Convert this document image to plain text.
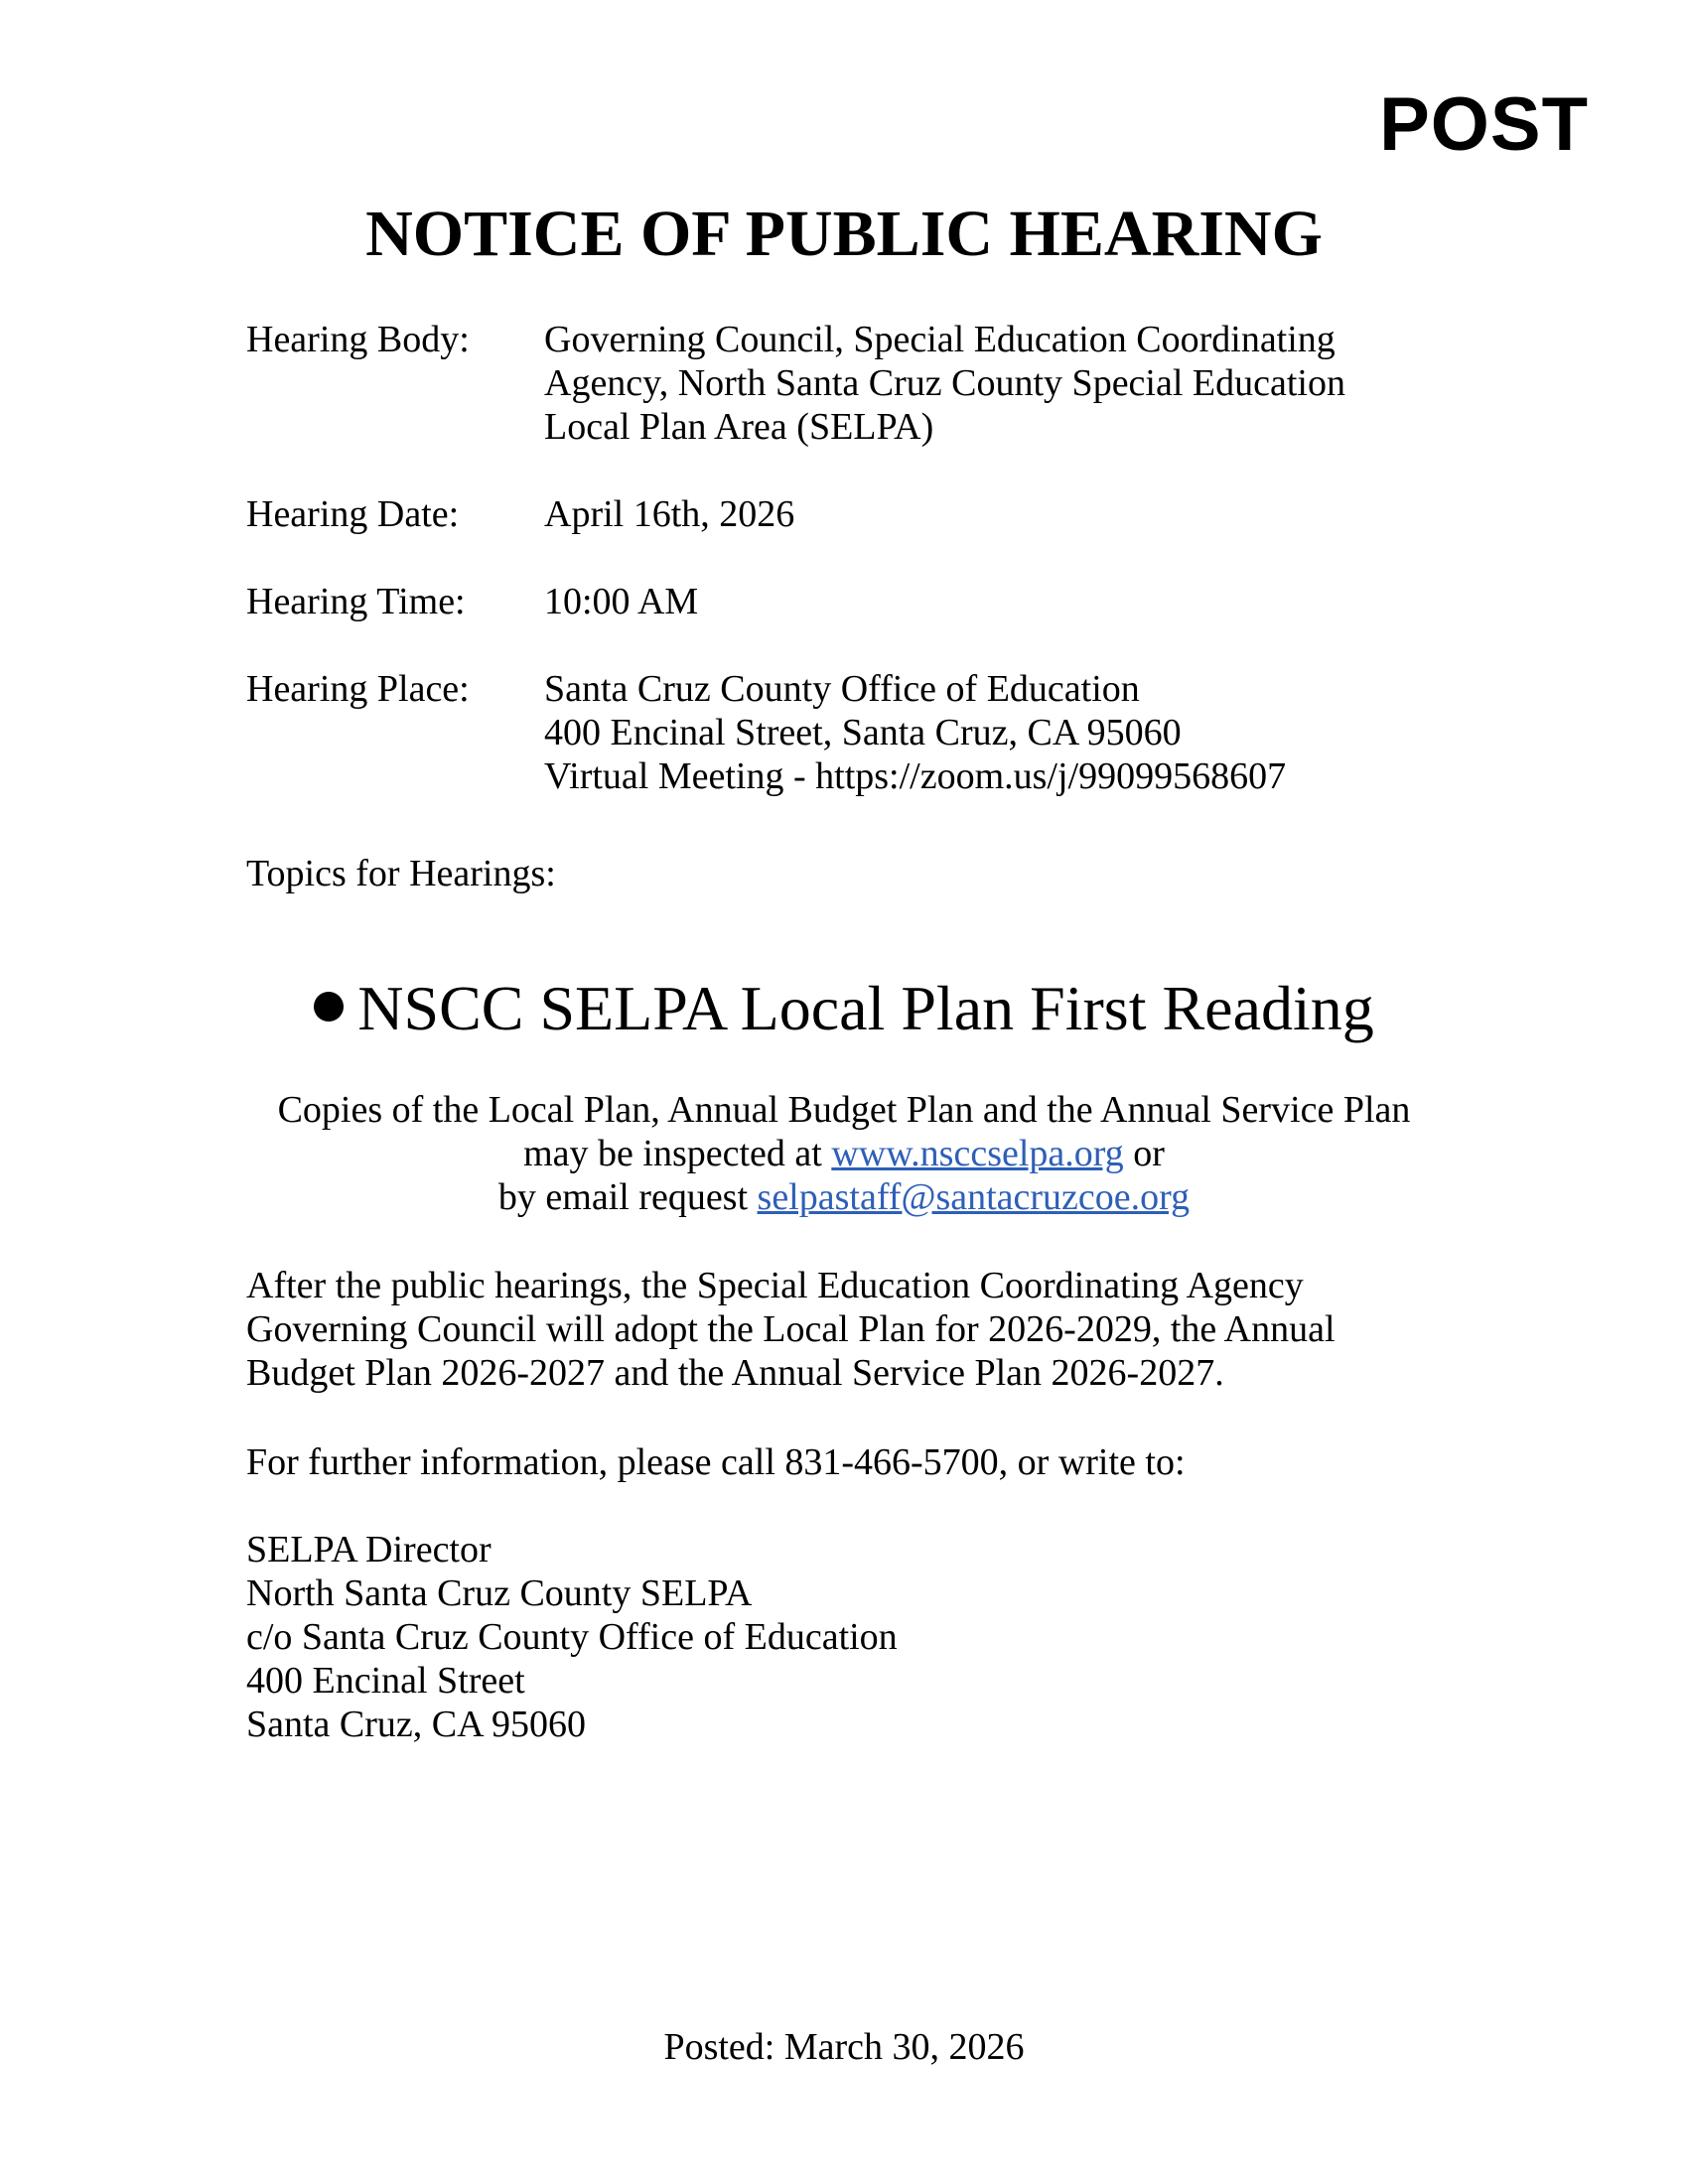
POST
NOTICE OF PUBLIC HEARING
Hearing Body:	Governing Council, Special Education Coordinating
Agency, North Santa Cruz County Special Education
Local Plan Area (SELPA)
Hearing Date:	April 16th, 2026
Hearing Time:	10:00 AM
Hearing Place:	Santa Cruz County Office of Education
400 Encinal Street, Santa Cruz, CA 95060
Virtual Meeting - https://zoom.us/j/99099568607
Topics for Hearings:
NSCC SELPA Local Plan First Reading
Copies of the Local Plan, Annual Budget Plan and the Annual Service Plan
may be inspected at www.nsccselpa.org or
by email request selpastaff@santacruzcoe.org
After the public hearings, the Special Education Coordinating Agency
Governing Council will adopt the Local Plan for 2026-2029, the Annual
Budget Plan 2026-2027 and the Annual Service Plan 2026-2027.
For further information, please call 831-466-5700, or write to:
SELPA Director
North Santa Cruz County SELPA
c/o Santa Cruz County Office of Education
400 Encinal Street
Santa Cruz, CA 95060
Posted: March 30, 2026
